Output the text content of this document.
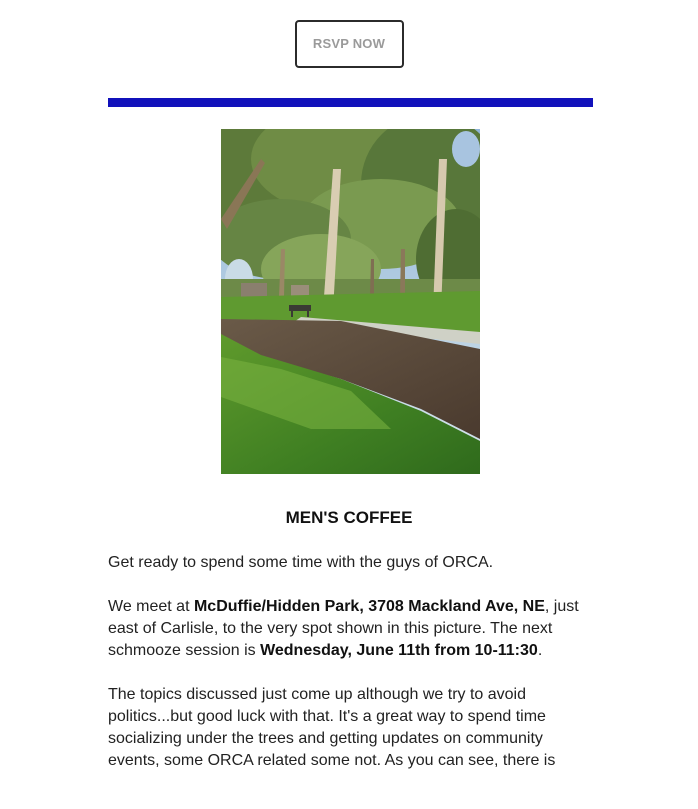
RSVP NOW
MEN'S COFFEE

Get ready to spend some time with the guys of ORCA.

We meet at McDuffie/Hidden Park, 3708 Mackland Ave, NE, just east of Carlisle, to the very spot shown in this picture. The next schmooze session is Wednesday, June 11th from 10-11:30.

The topics discussed just come up although we try to avoid politics...but good luck with that. It's a great way to spend time socializing under the trees and getting updates on community events, some ORCA related some not. As you can see, there is
